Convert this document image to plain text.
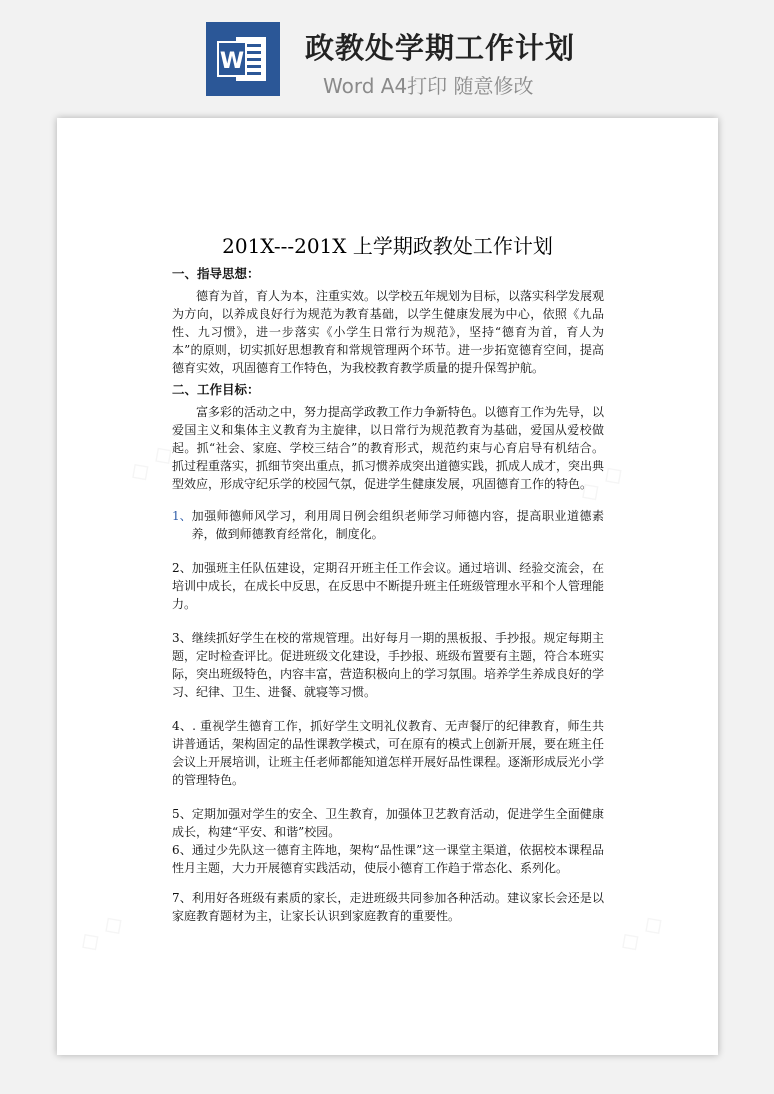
W 政教处学期工作计划
Word A4打印 随意修改
◇ ◇	◇ ◇
◇ ◇	◇ ◇
201X---201X 上学期政教处工作计划

一、指导思想：

德育为首，育人为本，注重实效。以学校五年规划为目标，以落实科学发展观为方向，以养成良好行为规范为教育基础，以学生健康发展为中心，依照《九品性、九习惯》，进一步落实《小学生日常行为规范》，坚持“德育为首，育人为本”的原则，切实抓好思想教育和常规管理两个环节。进一步拓宽德育空间，提高德育实效，巩固德育工作特色，为我校教育教学质量的提升保驾护航。

二、工作目标：

富多彩的活动之中，努力提高学政教工作力争新特色。以德育工作为先导，以爱国主义和集体主义教育为主旋律，以日常行为规范教育为基础，爱国从爱校做起。抓“社会、家庭、学校三结合”的教育形式，规范约束与心育启导有机结合。抓过程重落实，抓细节突出重点，抓习惯养成突出道德实践，抓成人成才，突出典型效应，形成守纪乐学的校园气氛，促进学生健康发展，巩固德育工作的特色。

1、 加强师德师风学习，利用周日例会组织老师学习师德内容，提高职业道德素养，做到师德教育经常化，制度化。

2、加强班主任队伍建设，定期召开班主任工作会议。通过培训、经验交流会，在培训中成长，在成长中反思，在反思中不断提升班主任班级管理水平和个人管理能力。

3、继续抓好学生在校的常规管理。出好每月一期的黑板报、手抄报。规定每期主题，定时检查评比。促进班级文化建设，手抄报、班级布置要有主题，符合本班实际，突出班级特色，内容丰富，营造积极向上的学习氛围。培养学生养成良好的学习、纪律、卫生、进餐、就寝等习惯。

4、. 重视学生德育工作，抓好学生文明礼仪教育、无声餐厅的纪律教育，师生共讲普通话，架构固定的品性课教学模式，可在原有的模式上创新开展，要在班主任会议上开展培训，让班主任老师都能知道怎样开展好品性课程。逐渐形成辰光小学的管理特色。

5、定期加强对学生的安全、卫生教育，加强体卫艺教育活动，促进学生全面健康成长，构建“平安、和谐”校园。

6、通过少先队这一德育主阵地，架构“品性课”这一课堂主渠道，依据校本课程品性月主题，大力开展德育实践活动，使辰小德育工作趋于常态化、系列化。

7、利用好各班级有素质的家长，走进班级共同参加各种活动。建议家长会还是以家庭教育题材为主，让家长认识到家庭教育的重要性。
